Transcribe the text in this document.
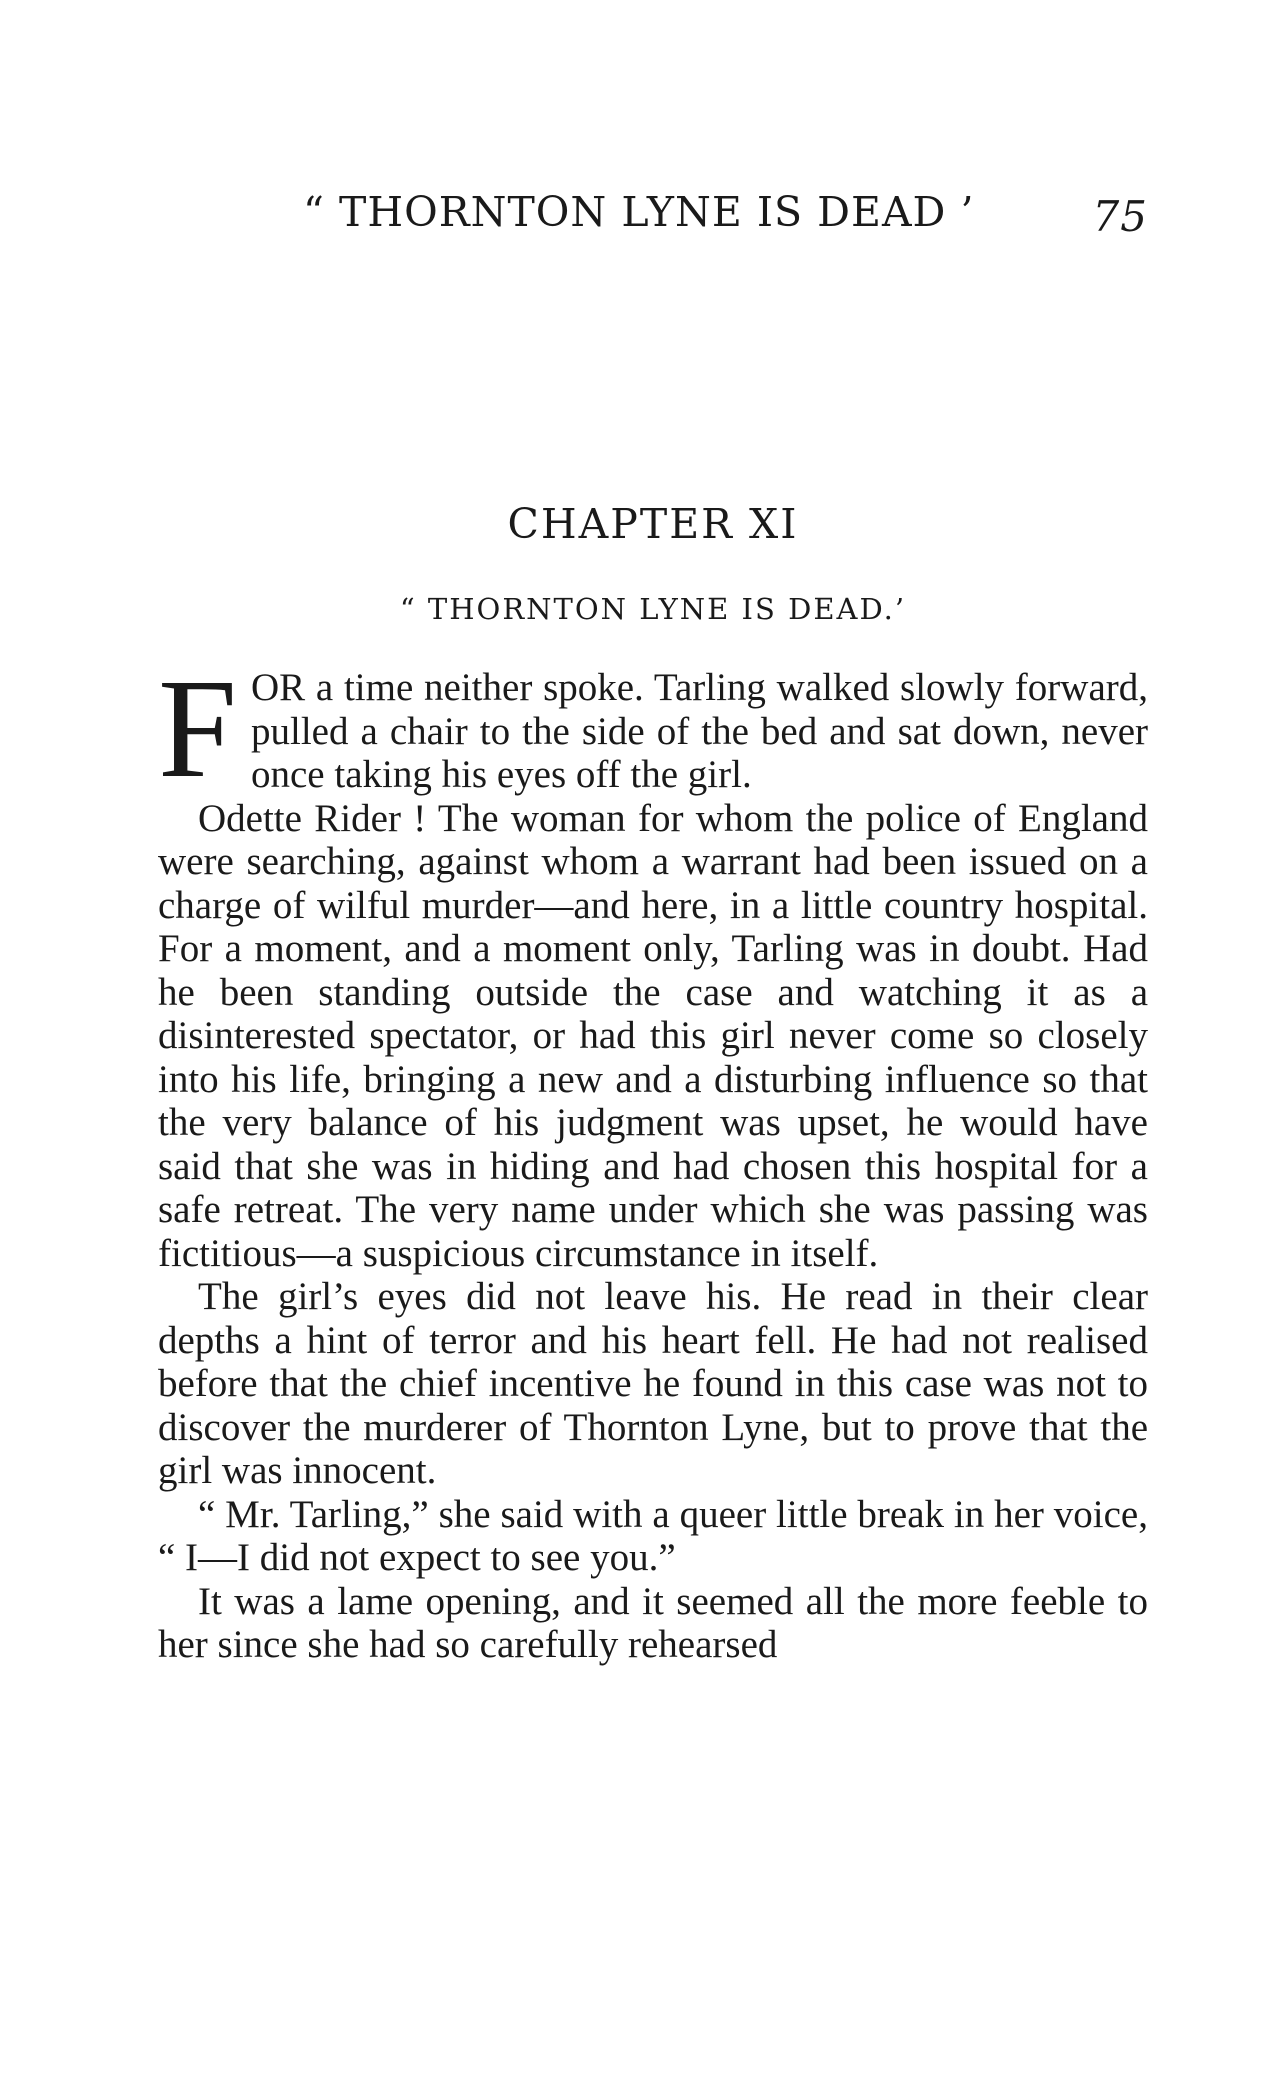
“ THORNTON LYNE IS DEAD ’	75
CHAPTER XI
“ THORNTON LYNE IS DEAD.’

FOR a time neither spoke. Tarling walked slowly forward, pulled a chair to the side of the bed and sat down, never once taking his eyes off the girl.

Odette Rider ! The woman for whom the police of England were searching, against whom a warrant had been issued on a charge of wilful murder—and here, in a little country hospital. For a moment, and a moment only, Tarling was in doubt. Had he been standing outside the case and watching it as a disinterested spectator, or had this girl never come so closely into his life, bringing a new and a disturbing influence so that the very balance of his judgment was upset, he would have said that she was in hiding and had chosen this hospital for a safe retreat. The very name under which she was passing was fictitious—a suspicious circumstance in itself.

The girl’s eyes did not leave his. He read in their clear depths a hint of terror and his heart fell. He had not realised before that the chief incentive he found in this case was not to discover the murderer of Thornton Lyne, but to prove that the girl was innocent.

“ Mr. Tarling,” she said with a queer little break in her voice, “ I—I did not expect to see you.”

It was a lame opening, and it seemed all the more feeble to her since she had so carefully rehearsed
